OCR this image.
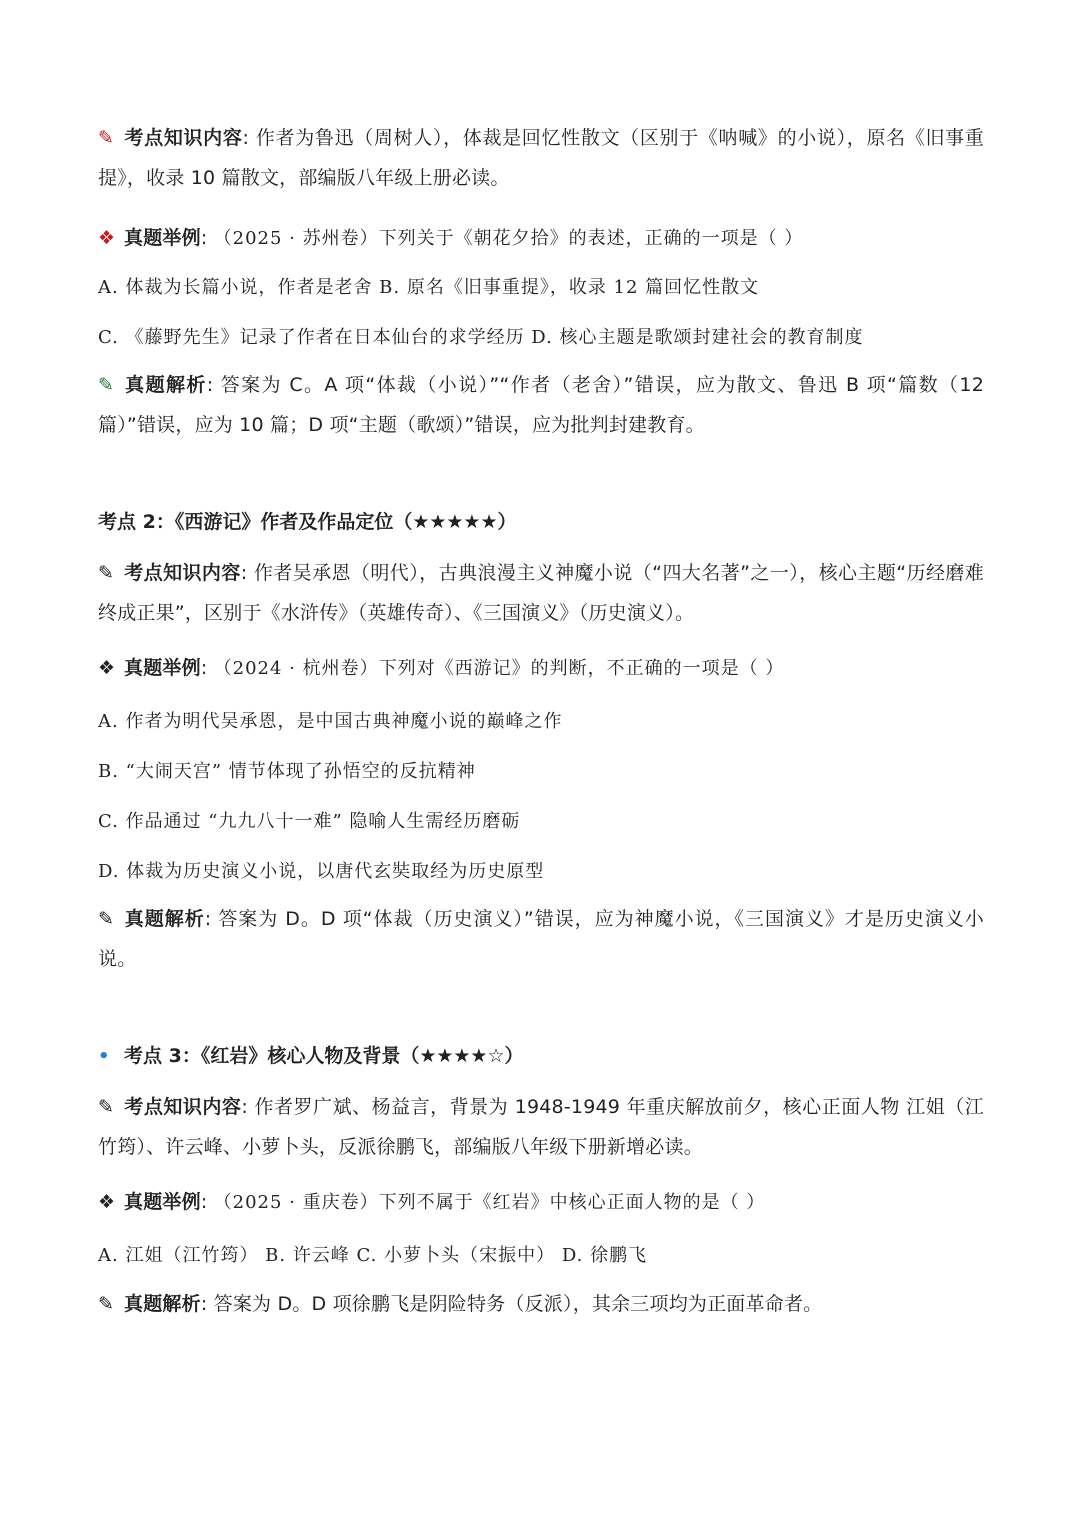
✎ 考点知识内容: 作者为鲁迅（周树人），体裁是回忆性散文（区别于《呐喊》的小说），原名《旧事重提》，收录 10 篇散文，部编版八年级上册必读。

❖ 真题举例: （2025 · 苏州卷）下列关于《朝花夕拾》的表述，正确的一项是（ ）

A. 体裁为长篇小说，作者是老舍 B. 原名《旧事重提》，收录 12 篇回忆性散文

C. 《藤野先生》记录了作者在日本仙台的求学经历 D. 核心主题是歌颂封建社会的教育制度

✎ 真题解析: 答案为 C。A 项“体裁（小说）”“作者（老舍）”错误，应为散文、鲁迅 B 项“篇数（12 篇）”错误，应为 10 篇；D 项“主题（歌颂）”错误，应为批判封建教育。

考点 2：《西游记》作者及作品定位（★★★★★）

✎ 考点知识内容: 作者吴承恩（明代），古典浪漫主义神魔小说（“四大名著”之一），核心主题“历经磨难终成正果”，区别于《水浒传》（英雄传奇）、《三国演义》（历史演义）。

❖ 真题举例: （2024 · 杭州卷）下列对《西游记》的判断，不正确的一项是（ ）

A. 作者为明代吴承恩，是中国古典神魔小说的巅峰之作

B. “大闹天宫” 情节体现了孙悟空的反抗精神

C. 作品通过 “九九八十一难” 隐喻人生需经历磨砺

D. 体裁为历史演义小说，以唐代玄奘取经为历史原型

✎ 真题解析: 答案为 D。D 项“体裁（历史演义）”错误，应为神魔小说，《三国演义》才是历史演义小说。

• 考点 3：《红岩》核心人物及背景（★★★★☆）

✎ 考点知识内容: 作者罗广斌、杨益言，背景为 1948-1949 年重庆解放前夕，核心正面人物 江姐（江竹筠）、许云峰、小萝卜头，反派徐鹏飞，部编版八年级下册新增必读。

❖ 真题举例: （2025 · 重庆卷）下列不属于《红岩》中核心正面人物的是（ ）

A. 江姐（江竹筠） B. 许云峰 C. 小萝卜头（宋振中） D. 徐鹏飞

✎ 真题解析: 答案为 D。D 项徐鹏飞是阴险特务（反派），其余三项均为正面革命者。
